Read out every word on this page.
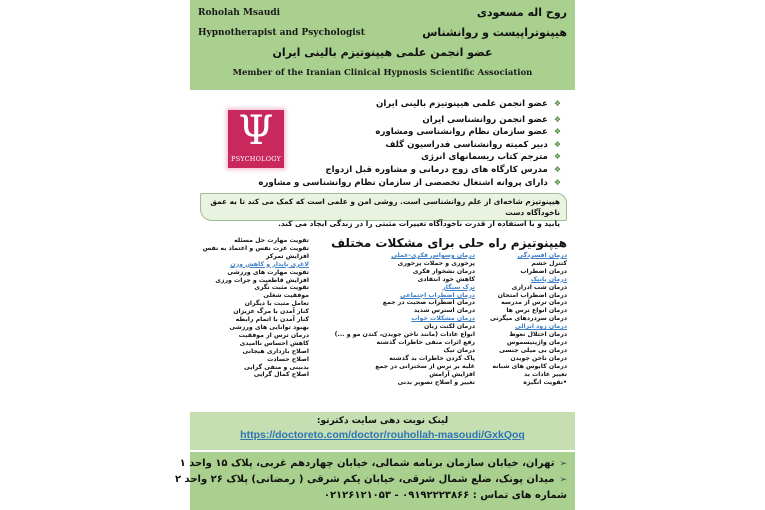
Roholah Msaudi	روح اله مسعودی
Hypnotherapist and Psychologist	هیپنوتراپیست و روانشناس
عضو انجمن علمی هیپنوتیزم بالینی ایران
Member of the Iranian Clinical Hypnosis Scientific Association
Ψ
PSYCHOLOGY
❖عضو انجمن علمی هیپنوتیزم بالینی ایران
❖عضو انجمن روانشناسی ایران
❖عضو سازمان نظام روانشناسی ومشاوره
❖دبیر کمیته روانشناسی فدراسیون گلف
❖مترجم کتاب ریسمانهای انرژی
❖مدرس کارگاه های زوج درمانی و مشاوره قبل ازدواج
❖دارای پروانه اشتغال تخصصی از سازمان نظام روانشناسی و مشاوره

هیپنوتیزم شاخه‌ای از علم روانشناسی است. روشی امن و علمی است که کمک می کند تا به عمق ناخودآگاه دست

یابید و با استفاده از قدرت ناخودآگاه تغییرات مثبتی را در زندگی ایجاد می کند.

هیپنوتیزم راه حلی برای مشکلات مختلف
درمان افسردگی
کنترل خشم
درمان اضطراب
درمان پانیک
درمان شب ادراری
درمان اضطراب امتحان
درمان ترس از مدرسه
درمان انواع ترس ها
درمان سردردهای میگرنی
درمان زود انزالی
درمان اختلال نعوظ
درمان واژینیسموس
درمان بی میلی جنسی
درمان ناخن جویدن
درمان کابوس های شبانه
تغییر عادات بد
•تقویت انگیزه
درمان وسواس فکری-عملی
پرخوری و حملات پرخوری
درمان نشخوار فکری
کاهش خود انتقادی
ترک سیگار
درمان اضطراب اجتماعی
درمان اضطراب صحبت در جمع
درمان استرس شدید
درمان مشکلات خواب
درمان لکنت زبان
انواع عادات (مانند ناخن جویدن، کندن مو و ...)
رفع اثرات منفی خاطرات گذشته
درمان تیک
پاک کردن خاطرات بد گذشته
غلبه بر ترس از سخنرانی در جمع
افزایش آرامش
تغییر و اصلاح تصویر بدنی
تقویت مهارت حل مسئله
تقویت عزت نفس و اعتماد به نفس
افزایش تمرکز
لاغری پایدار و کاهش وزن
تقویت مهارت های ورزشی
افزایش قاطعیت و جرات ورزی
تقویت مثبت نگری
موفقیت شغلی
تعامل مثبت با دیگران
کنار آمدن با مرگ عزیزان
کنار آمدن با اتمام رابطه
بهبود توانایی های ورزشی
درمان ترس از موفقیت
کاهش احساس ناامیدی
اصلاح بازداری هیجانی
اصلاح حسادت
بدبینی و منفی گرایی
اصلاح کمال گرایی
لینک نوبت دهی سایت دکترتو:
https://doctoreto.com/doctor/rouhollah-masoudi/GxkQoq
➢تهران، خیابان سازمان برنامه شمالی، خیابان چهاردهم غربی، پلاک ۱۵ واحد ۱
➢میدان پونک، ضلع شمال شرقی، خیابان یکم شرقی ( رمضانی) پلاک ۲۶ واحد ۲
شماره های تماس : ۰۹۱۹۲۲۲۳۸۶۶ - ۰۲۱۲۶۱۲۱۰۵۳
